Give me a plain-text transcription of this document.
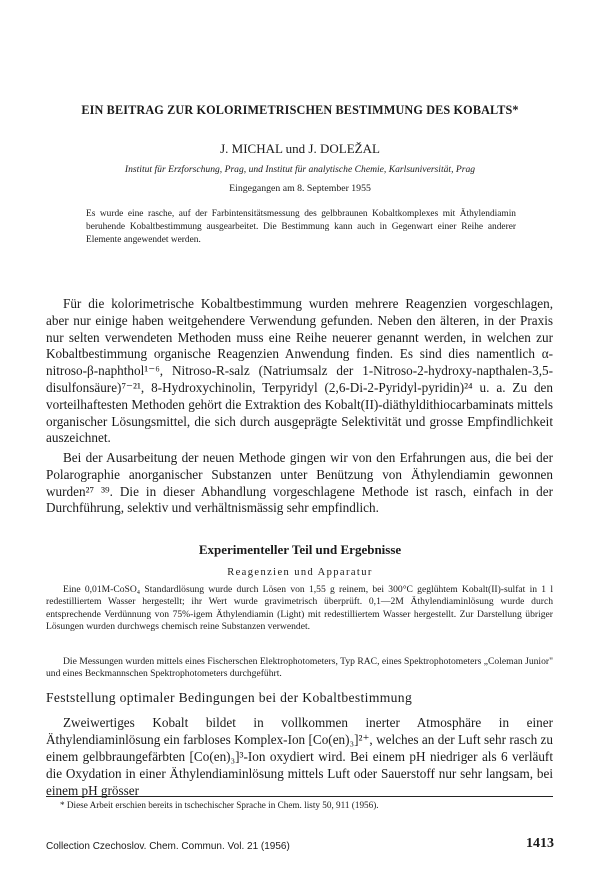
EIN BEITRAG ZUR KOLORIMETRISCHEN BESTIMMUNG DES KOBALTS*
J. MICHAL und J. DOLEŽAL
Institut für Erzforschung, Prag, und Institut für analytische Chemie, Karlsuniversität, Prag
Eingegangen am 8. September 1955
Es wurde eine rasche, auf der Farbintensitätsmessung des gelbbraunen Kobaltkomplexes mit Äthylendiamin beruhende Kobaltbestimmung ausgearbeitet. Die Bestimmung kann auch in Gegenwart einer Reihe anderer Elemente angewendet werden.

Für die kolorimetrische Kobaltbestimmung wurden mehrere Reagenzien vorgeschlagen, aber nur einige haben weitgehendere Verwendung gefunden. Neben den älteren, in der Praxis nur selten verwendeten Methoden muss eine Reihe neuerer genannt werden, in welchen zur Kobaltbestimmung organische Reagenzien Anwendung finden. Es sind dies namentlich α-nitroso-β-naphthol¹⁻⁶, Nitroso-R-salz (Natriumsalz der 1-Nitroso-2-hydroxy-napthalen-3,5-disulfonsäure)⁷⁻²¹, 8-Hydroxychinolin, Terpyridyl (2,6-Di-2-Pyridyl-pyridin)²⁴ u. a. Zu den vorteilhaftesten Methoden gehört die Extraktion des Kobalt(II)-diäthyldithiocarbaminats mittels organischer Lösungsmittel, die sich durch ausgeprägte Selektivität und grosse Empfindlichkeit auszeichnet.

Bei der Ausarbeitung der neuen Methode gingen wir von den Erfahrungen aus, die bei der Polarographie anorganischer Substanzen unter Benützung von Äthylendiamin gewonnen wurden²⁷ ³⁹. Die in dieser Abhandlung vorgeschlagene Methode ist rasch, einfach in der Durchführung, selektiv und verhältnismässig sehr empfindlich.

Experimenteller Teil und Ergebnisse
Reagenzien und Apparatur

Eine 0,01M-CoSO₄ Standardlösung wurde durch Lösen von 1,55 g reinem, bei 300°C geglühtem Kobalt(II)-sulfat in 1 l redestilliertem Wasser hergestellt; ihr Wert wurde gravimetrisch überprüft. 0,1—2M Äthylendiaminlösung wurde durch entsprechende Verdünnung von 75%-igem Äthylendiamin (Light) mit redestilliertem Wasser hergestellt. Zur Darstellung übriger Lösungen wurden durchwegs chemisch reine Substanzen verwendet.

Die Messungen wurden mittels eines Fischerschen Elektrophotometers, Typ RAC, eines Spektrophotometers „Coleman Junior" und eines Beckmannschen Spektrophotometers durchgeführt.

Feststellung optimaler Bedingungen bei der Kobaltbestimmung

Zweiwertiges Kobalt bildet in vollkommen inerter Atmosphäre in einer Äthylendiaminlösung ein farbloses Komplex-Ion [Co(en)₃]²⁺, welches an der Luft sehr rasch zu einem gelbbraungefärbten [Co(en)₃]³-Ion oxydiert wird. Bei einem pH niedriger als 6 verläuft die Oxydation in einer Äthylendiaminlösung mittels Luft oder Sauerstoff nur sehr langsam, bei einem pH grösser

* Diese Arbeit erschien bereits in tschechischer Sprache in Chem. listy 50, 911 (1956).
Collection Czechoslov. Chem. Commun. Vol. 21 (1956)	1413
